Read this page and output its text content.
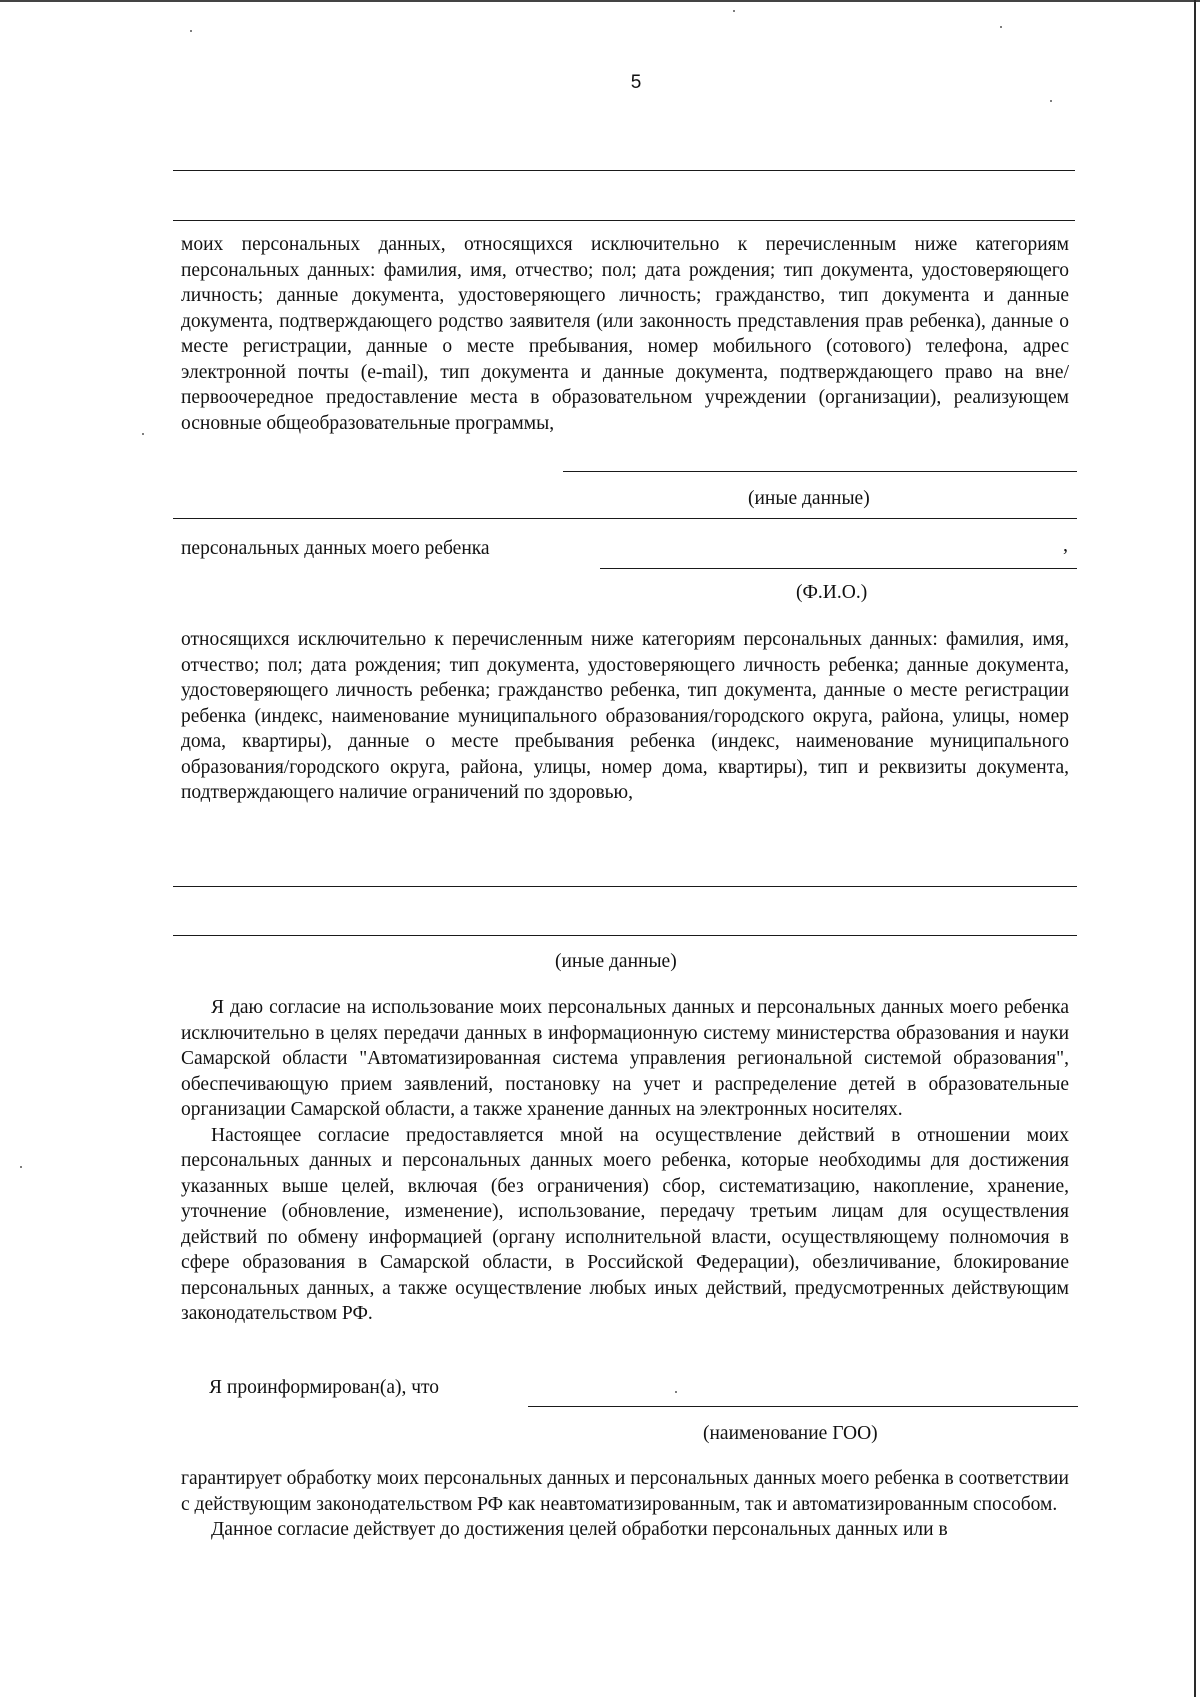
5

моих персональных данных, относящихся исключительно к перечисленным ниже категориям персональных данных: фамилия, имя, отчество; пол; дата рождения; тип документа, удостоверяющего личность; данные документа, удостоверяющего личность; гражданство, тип документа и данные документа, подтверждающего родство заявителя (или законность представления прав ребенка), данные о месте регистрации, данные о месте пребывания, номер мобильного (сотового) телефона, адрес электронной почты (e-mail), тип документа и данные документа, подтверждающего право на вне/первоочередное предоставление места в образовательном учреждении (организации), реализующем основные общеобразовательные программы,

(иные данные)
персональных данных моего ребенка	,
(Ф.И.О.)

относящихся исключительно к перечисленным ниже категориям персональных данных: фамилия, имя, отчество; пол; дата рождения; тип документа, удостоверяющего личность ребенка; данные документа, удостоверяющего личность ребенка; гражданство ребенка, тип документа, данные о месте регистрации ребенка (индекс, наименование муниципального образования/городского округа, района, улицы, номер дома, квартиры), данные о месте пребывания ребенка (индекс, наименование муниципального образования/городского округа, района, улицы, номер дома, квартиры), тип и реквизиты документа, подтверждающего наличие ограничений по здоровью,

(иные данные)

Я даю согласие на использование моих персональных данных и персональных данных моего ребенка исключительно в целях передачи данных в информационную систему министерства образования и науки Самарской области "Автоматизированная система управления региональной системой образования", обеспечивающую прием заявлений, постановку на учет и распределение детей в образовательные организации Самарской области, а также хранение данных на электронных носителях.

Настоящее согласие предоставляется мной на осуществление действий в отношении моих персональных данных и персональных данных моего ребенка, которые необходимы для достижения указанных выше целей, включая (без ограничения) сбор, систематизацию, накопление, хранение, уточнение (обновление, изменение), использование, передачу третьим лицам для осуществления действий по обмену информацией (органу исполнительной власти, осуществляющему полномочия в сфере образования в Самарской области, в Российской Федерации), обезличивание, блокирование персональных данных, а также осуществление любых иных действий, предусмотренных действующим законодательством РФ.

Я проинформирован(а), что
(наименование ГОО)

гарантирует обработку моих персональных данных и персональных данных моего ребенка в соответствии с действующим законодательством РФ как неавтоматизированным, так и автоматизированным способом.

Данное согласие действует до достижения целей обработки персональных данных или в
